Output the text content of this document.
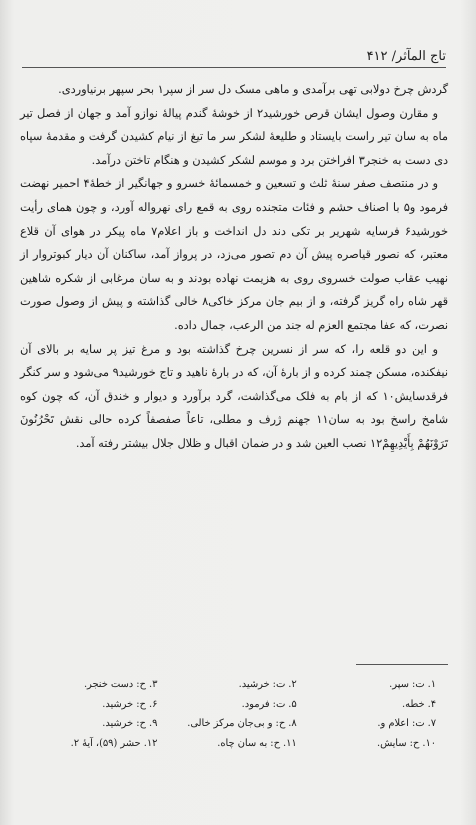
تاج المآثر/ ۴۱۲

گردش چرخ دولابی تهی برآمدی و ماهی مسک دل سر از سپر‌۱ بحر سپهر برنیاوردی.

و مقارن وصول ایشان قرص خورشید۲ از خوشهٔ گندم پیالهٔ نوازو آمد و جهان از فصل تیر ماه به سان تیر راست بایستاد و طلیعهٔ لشکر سر ما تیغ از نیام کشیدن گرفت و مقدمهٔ سپاه دی دست به خنجر۳ افراختن برد و موسم لشکر کشیدن و هنگام تاختن درآمد.

و در منتصف صفر سنهٔ ثلث و تسعین و خمسمائهٔ خسرو و جهانگیر از خطهٔ۴ احمیر نهضت فرمود و۵ با اصناف حشم و فئات متجنده روی به قمع رای نهرواله آورد، و چون همای رأیت خورشید۶ فرسایه شهریر بر تکی دند دل انداخت و باز اعلام۷ ماه پیکر در هوای آن قلاع معتبر، که نصور قیاصره پیش آن دم تصور می‌زد، در پرواز آمد، ساکنان آن دیار کبوتروار از نهیب عقاب صولت خسروی روی به هزیمت نهاده بودند و به سان مرغابی از شکره شاهین قهر شاه راه گریز گرفته، و از بیم جان مرکز خاکی۸ خالی گذاشته و پیش از وصول صورت نصرت، که عفا مجتمع العزم له جند من الرعب، جمال داده.

و این دو قلعه را، که سر از نسرین چرخ گذاشته بود و مرغ تیز پر سایه بر بالای آن نیفکنده، مسکن چمند کرده و از بارهٔ آن، که در بارهٔ ناهید و تاج خورشید۹ می‌شود و سر کنگر فرقدسایش۱۰ که از بام به فلک می‌گذاشت، گرد برآورد و دیوار و خندق آن، که چون کوه شامخ راسخ بود به سان۱۱ جهنم ژرف و مطلی، تاعاً صفصفاً کرده حالی نقش تَحْرُنُونَ تَرَوْنَهُمْ بِأَیْدِیهِمْ۱۲ نصب العین شد و در ضمان اقبال و ظلال جلال بیشتر رفته آمد.

۱. ت: سپر.
۲. ت: خرشید.
۳. ح: دست خنجر.
۴. خطه.
۵. ت: فرمود.
۶. ح: خرشید.
۷. ت: اعلام و.
۸. ح: و بی‌جان مرکز خالی.
۹. ح: خرشید.
۱۰. ح: سایش.
۱۱. ح: به سان چاه.
۱۲. حشر (۵۹)، آیهٔ ۲.
